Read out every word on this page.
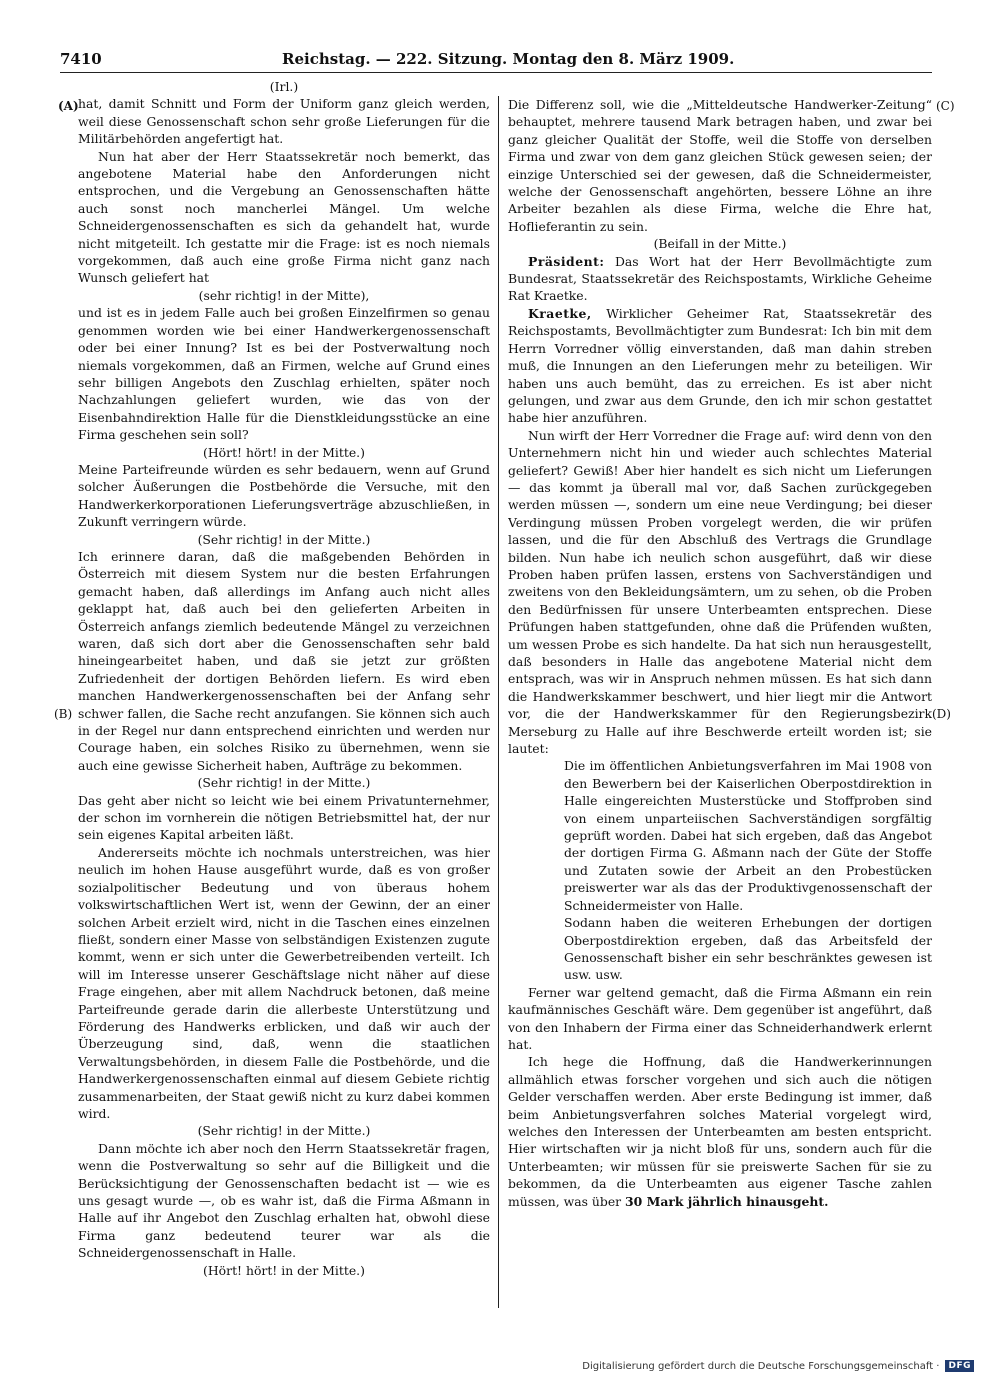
7410	Reichstag. — 222. Sitzung. Montag den 8. März 1909.
(A)
(B)
(C)
(D)

(Irl.)

hat, damit Schnitt und Form der Uniform ganz gleich werden, weil diese Genossenschaft schon sehr große Lieferungen für die Militärbehörden angefertigt hat.

Nun hat aber der Herr Staatssekretär noch bemerkt, das angebotene Material habe den Anforderungen nicht entsprochen, und die Vergebung an Genossenschaften hätte auch sonst noch mancherlei Mängel. Um welche Schneidergenossenschaften es sich da gehandelt hat, wurde nicht mitgeteilt. Ich gestatte mir die Frage: ist es noch niemals vorgekommen, daß auch eine große Firma nicht ganz nach Wunsch geliefert hat

(sehr richtig! in der Mitte),

und ist es in jedem Falle auch bei großen Einzelfirmen so genau genommen worden wie bei einer Handwerkergenossenschaft oder bei einer Innung? Ist es bei der Postverwaltung noch niemals vorgekommen, daß an Firmen, welche auf Grund eines sehr billigen Angebots den Zuschlag erhielten, später noch Nachzahlungen geliefert wurden, wie das von der Eisenbahndirektion Halle für die Dienstkleidungsstücke an eine Firma geschehen sein soll?

(Hört! hört! in der Mitte.)

Meine Parteifreunde würden es sehr bedauern, wenn auf Grund solcher Äußerungen die Postbehörde die Versuche, mit den Handwerkerkorporationen Lieferungsverträge abzuschließen, in Zukunft verringern würde.

(Sehr richtig! in der Mitte.)

Ich erinnere daran, daß die maßgebenden Behörden in Österreich mit diesem System nur die besten Erfahrungen gemacht haben, daß allerdings im Anfang auch nicht alles geklappt hat, daß auch bei den gelieferten Arbeiten in Österreich anfangs ziemlich bedeutende Mängel zu verzeichnen waren, daß sich dort aber die Genossenschaften sehr bald hineingearbeitet haben, und daß sie jetzt zur größten Zufriedenheit der dortigen Behörden liefern. Es wird eben manchen Handwerkergenossenschaften bei der Anfang sehr schwer fallen, die Sache recht anzufangen. Sie können sich auch in der Regel nur dann entsprechend einrichten und werden nur Courage haben, ein solches Risiko zu übernehmen, wenn sie auch eine gewisse Sicherheit haben, Aufträge zu bekommen.

(Sehr richtig! in der Mitte.)

Das geht aber nicht so leicht wie bei einem Privatunternehmer, der schon im vornherein die nötigen Betriebsmittel hat, der nur sein eigenes Kapital arbeiten läßt.

Andererseits möchte ich nochmals unterstreichen, was hier neulich im hohen Hause ausgeführt wurde, daß es von großer sozialpolitischer Bedeutung und von überaus hohem volkswirtschaftlichen Wert ist, wenn der Gewinn, der an einer solchen Arbeit erzielt wird, nicht in die Taschen eines einzelnen fließt, sondern einer Masse von selbständigen Existenzen zugute kommt, wenn er sich unter die Gewerbetreibenden verteilt. Ich will im Interesse unserer Geschäftslage nicht näher auf diese Frage eingehen, aber mit allem Nachdruck betonen, daß meine Parteifreunde gerade darin die allerbeste Unterstützung und Förderung des Handwerks erblicken, und daß wir auch der Überzeugung sind, daß, wenn die staatlichen Verwaltungsbehörden, in diesem Falle die Postbehörde, und die Handwerkergenossenschaften einmal auf diesem Gebiete richtig zusammenarbeiten, der Staat gewiß nicht zu kurz dabei kommen wird.

(Sehr richtig! in der Mitte.)

Dann möchte ich aber noch den Herrn Staatssekretär fragen, wenn die Postverwaltung so sehr auf die Billigkeit und die Berücksichtigung der Genossenschaften bedacht ist — wie es uns gesagt wurde —, ob es wahr ist, daß die Firma Aßmann in Halle auf ihr Angebot den Zuschlag erhalten hat, obwohl diese Firma ganz bedeutend teurer war als die Schneidergenossenschaft in Halle.

(Hört! hört! in der Mitte.)

Die Differenz soll, wie die „Mitteldeutsche Handwerker-Zeitung“ behauptet, mehrere tausend Mark betragen haben, und zwar bei ganz gleicher Qualität der Stoffe, weil die Stoffe von derselben Firma und zwar von dem ganz gleichen Stück gewesen seien; der einzige Unterschied sei der gewesen, daß die Schneidermeister, welche der Genossenschaft angehörten, bessere Löhne an ihre Arbeiter bezahlen als diese Firma, welche die Ehre hat, Hoflieferantin zu sein.

(Beifall in der Mitte.)

Präsident: Das Wort hat der Herr Bevollmächtigte zum Bundesrat, Staatssekretär des Reichspostamts, Wirkliche Geheime Rat Kraetke.

Kraetke, Wirklicher Geheimer Rat, Staatssekretär des Reichspostamts, Bevollmächtigter zum Bundesrat: Ich bin mit dem Herrn Vorredner völlig einverstanden, daß man dahin streben muß, die Innungen an den Lieferungen mehr zu beteiligen. Wir haben uns auch bemüht, das zu erreichen. Es ist aber nicht gelungen, und zwar aus dem Grunde, den ich mir schon gestattet habe hier anzuführen.

Nun wirft der Herr Vorredner die Frage auf: wird denn von den Unternehmern nicht hin und wieder auch schlechtes Material geliefert? Gewiß! Aber hier handelt es sich nicht um Lieferungen — das kommt ja überall mal vor, daß Sachen zurückgegeben werden müssen —, sondern um eine neue Verdingung; bei dieser Verdingung müssen Proben vorgelegt werden, die wir prüfen lassen, und die für den Abschluß des Vertrags die Grundlage bilden. Nun habe ich neulich schon ausgeführt, daß wir diese Proben haben prüfen lassen, erstens von Sachverständigen und zweitens von den Bekleidungsämtern, um zu sehen, ob die Proben den Bedürfnissen für unsere Unterbeamten entsprechen. Diese Prüfungen haben stattgefunden, ohne daß die Prüfenden wußten, um wessen Probe es sich handelte. Da hat sich nun herausgestellt, daß besonders in Halle das angebotene Material nicht dem entsprach, was wir in Anspruch nehmen müssen. Es hat sich dann die Handwerkskammer beschwert, und hier liegt mir die Antwort vor, die der Handwerkskammer für den Regierungsbezirk Merseburg zu Halle auf ihre Beschwerde erteilt worden ist; sie lautet:

Die im öffentlichen Anbietungsverfahren im Mai 1908 von den Bewerbern bei der Kaiserlichen Oberpostdirektion in Halle eingereichten Musterstücke und Stoffproben sind von einem unparteiischen Sachverständigen sorgfältig geprüft worden. Dabei hat sich ergeben, daß das Angebot der dortigen Firma G. Aßmann nach der Güte der Stoffe und Zutaten sowie der Arbeit an den Probestücken preiswerter war als das der Produktivgenossenschaft der Schneidermeister von Halle.

Sodann haben die weiteren Erhebungen der dortigen Oberpostdirektion ergeben, daß das Arbeitsfeld der Genossenschaft bisher ein sehr beschränktes gewesen ist usw. usw.

Ferner war geltend gemacht, daß die Firma Aßmann ein rein kaufmännisches Geschäft wäre. Dem gegenüber ist angeführt, daß von den Inhabern der Firma einer das Schneiderhandwerk erlernt hat.

Ich hege die Hoffnung, daß die Handwerkerinnungen allmählich etwas forscher vorgehen und sich auch die nötigen Gelder verschaffen werden. Aber erste Bedingung ist immer, daß beim Anbietungsverfahren solches Material vorgelegt wird, welches den Interessen der Unterbeamten am besten entspricht. Hier wirtschaften wir ja nicht bloß für uns, sondern auch für die Unterbeamten; wir müssen für sie preiswerte Sachen für sie zu bekommen, da die Unterbeamten aus eigener Tasche zahlen müssen, was über 30 Mark jährlich hinausgeht.

Digitalisierung gefördert durch die Deutsche Forschungsgemeinschaft ·	DFG
